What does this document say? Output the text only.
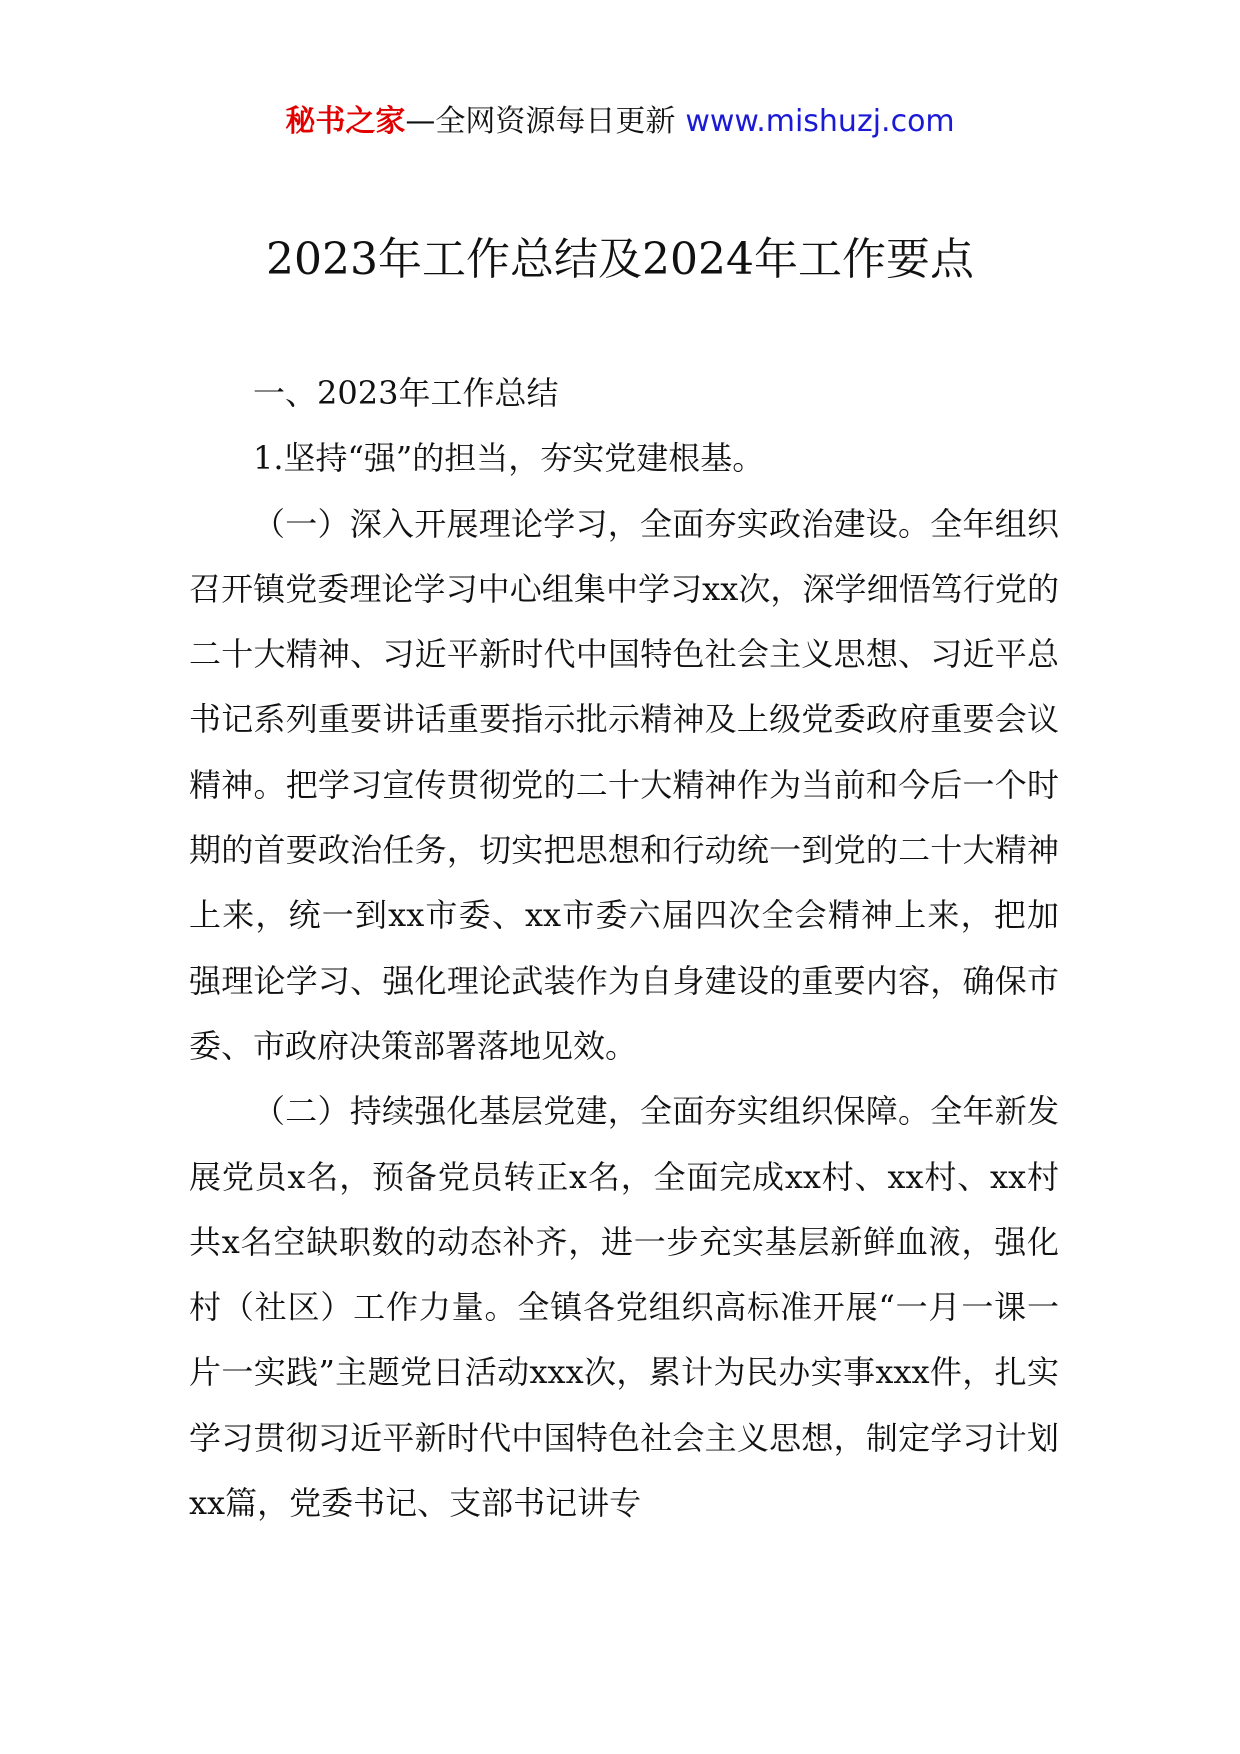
秘书之家—全网资源每日更新 www.mishuzj.com
2023年工作总结及2024年工作要点

一、2023年工作总结

1.坚持“强”的担当，夯实党建根基。

（一）深入开展理论学习，全面夯实政治建设。全年组织召开镇党委理论学习中心组集中学习xx次，深学细悟笃行党的二十大精神、习近平新时代中国特色社会主义思想、习近平总书记系列重要讲话重要指示批示精神及上级党委政府重要会议精神。把学习宣传贯彻党的二十大精神作为当前和今后一个时期的首要政治任务，切实把思想和行动统一到党的二十大精神上来，统一到xx市委、xx市委六届四次全会精神上来，把加强理论学习、强化理论武装作为自身建设的重要内容，确保市委、市政府决策部署落地见效。

（二）持续强化基层党建，全面夯实组织保障。全年新发展党员x名，预备党员转正x名，全面完成xx村、xx村、xx村共x名空缺职数的动态补齐，进一步充实基层新鲜血液，强化村（社区）工作力量。全镇各党组织高标准开展“一月一课一片一实践”主题党日活动xxx次，累计为民办实事xxx件，扎实学习贯彻习近平新时代中国特色社会主义思想，制定学习计划xx篇，党委书记、支部书记讲专
